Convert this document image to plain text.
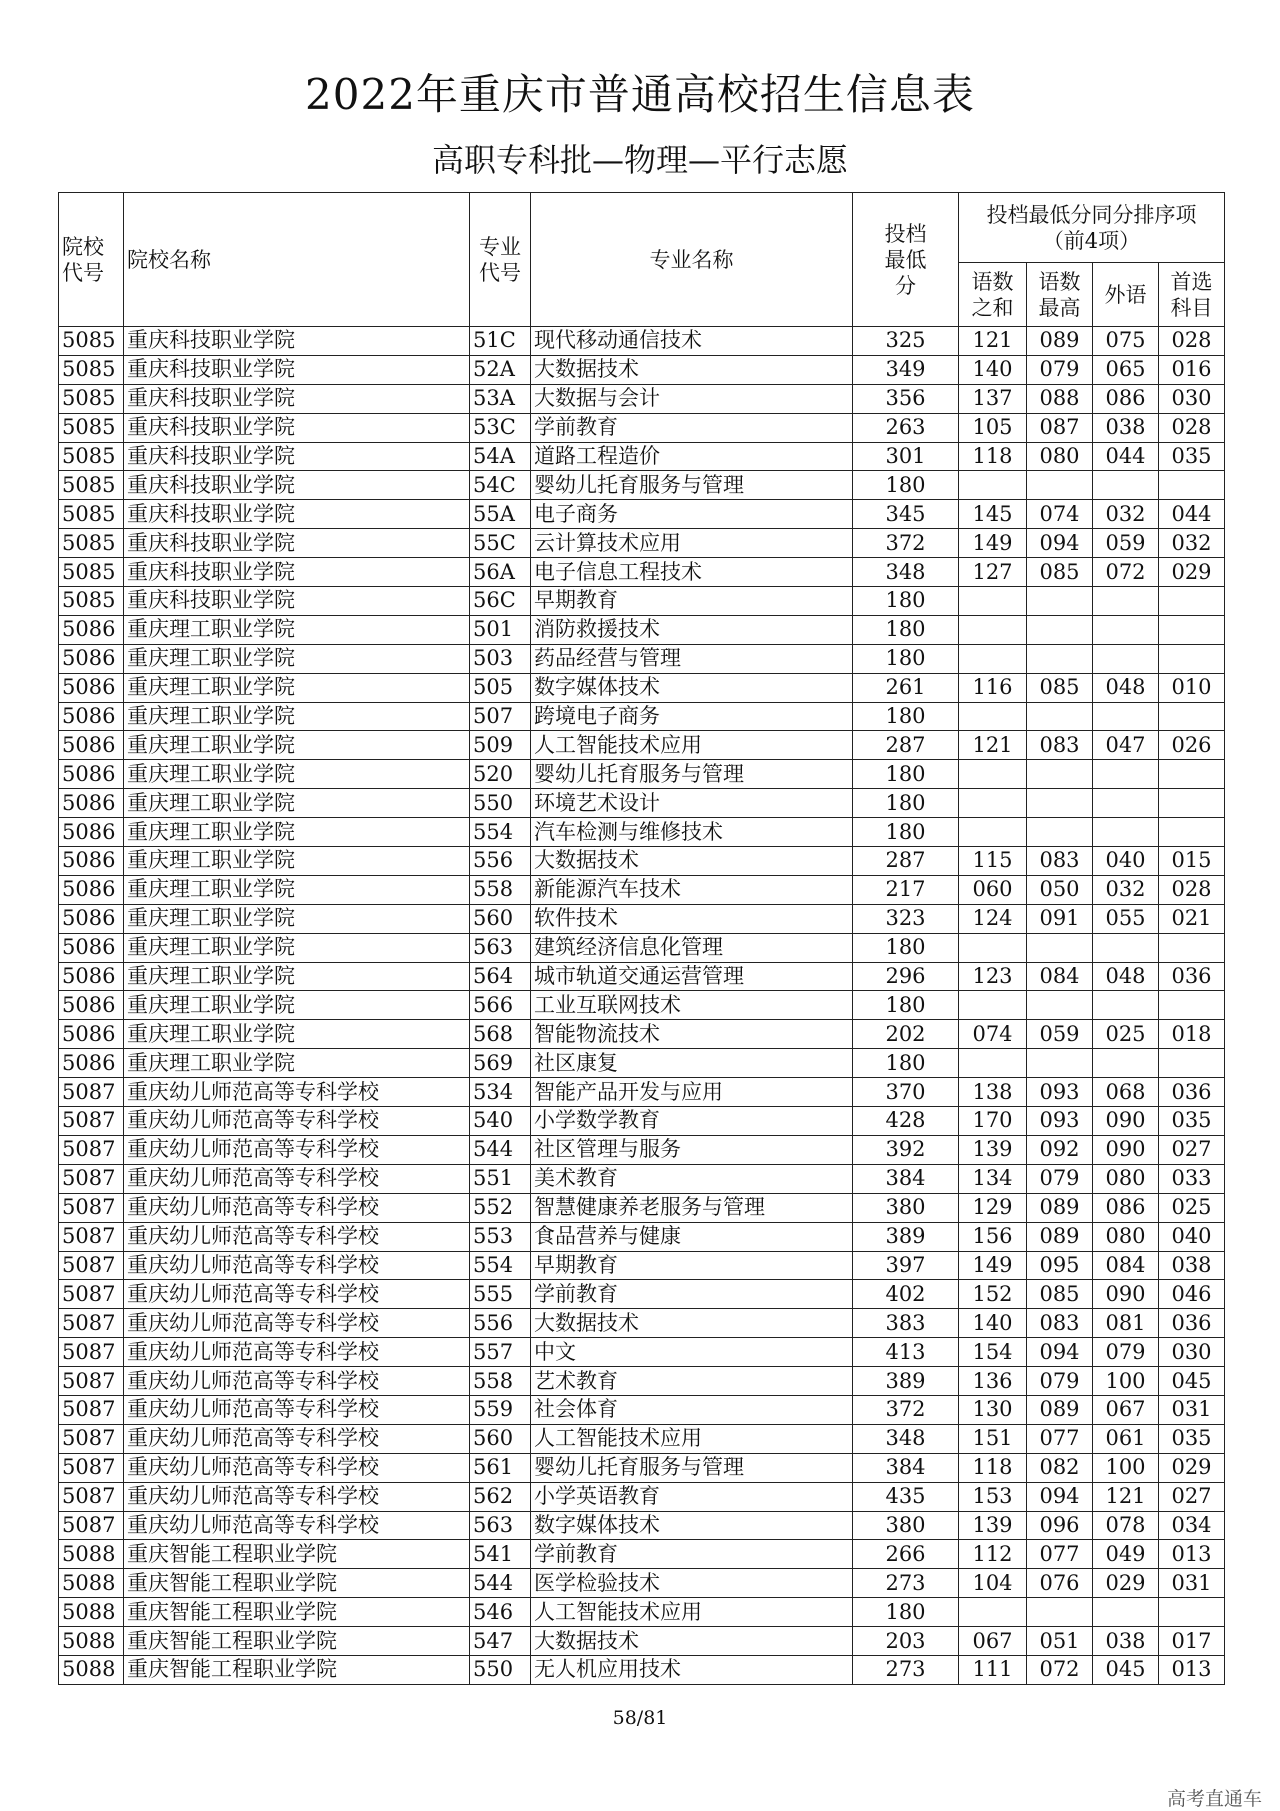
2022年重庆市普通高校招生信息表
高职专科批—物理—平行志愿
院校代号	院校名称	专业代号	专业名称	投档最低分	投档最低分同分排序项（前4项）			
					语数之和	语数最高	外语	首选科目
5085	重庆科技职业学院	51C	现代移动通信技术	325	121	089	075	028
5085	重庆科技职业学院	52A	大数据技术	349	140	079	065	016
5085	重庆科技职业学院	53A	大数据与会计	356	137	088	086	030
5085	重庆科技职业学院	53C	学前教育	263	105	087	038	028
5085	重庆科技职业学院	54A	道路工程造价	301	118	080	044	035
5085	重庆科技职业学院	54C	婴幼儿托育服务与管理	180				
5085	重庆科技职业学院	55A	电子商务	345	145	074	032	044
5085	重庆科技职业学院	55C	云计算技术应用	372	149	094	059	032
5085	重庆科技职业学院	56A	电子信息工程技术	348	127	085	072	029
5085	重庆科技职业学院	56C	早期教育	180				
5086	重庆理工职业学院	501	消防救援技术	180				
5086	重庆理工职业学院	503	药品经营与管理	180				
5086	重庆理工职业学院	505	数字媒体技术	261	116	085	048	010
5086	重庆理工职业学院	507	跨境电子商务	180				
5086	重庆理工职业学院	509	人工智能技术应用	287	121	083	047	026
5086	重庆理工职业学院	520	婴幼儿托育服务与管理	180				
5086	重庆理工职业学院	550	环境艺术设计	180				
5086	重庆理工职业学院	554	汽车检测与维修技术	180				
5086	重庆理工职业学院	556	大数据技术	287	115	083	040	015
5086	重庆理工职业学院	558	新能源汽车技术	217	060	050	032	028
5086	重庆理工职业学院	560	软件技术	323	124	091	055	021
5086	重庆理工职业学院	563	建筑经济信息化管理	180				
5086	重庆理工职业学院	564	城市轨道交通运营管理	296	123	084	048	036
5086	重庆理工职业学院	566	工业互联网技术	180				
5086	重庆理工职业学院	568	智能物流技术	202	074	059	025	018
5086	重庆理工职业学院	569	社区康复	180				
5087	重庆幼儿师范高等专科学校	534	智能产品开发与应用	370	138	093	068	036
5087	重庆幼儿师范高等专科学校	540	小学数学教育	428	170	093	090	035
5087	重庆幼儿师范高等专科学校	544	社区管理与服务	392	139	092	090	027
5087	重庆幼儿师范高等专科学校	551	美术教育	384	134	079	080	033
5087	重庆幼儿师范高等专科学校	552	智慧健康养老服务与管理	380	129	089	086	025
5087	重庆幼儿师范高等专科学校	553	食品营养与健康	389	156	089	080	040
5087	重庆幼儿师范高等专科学校	554	早期教育	397	149	095	084	038
5087	重庆幼儿师范高等专科学校	555	学前教育	402	152	085	090	046
5087	重庆幼儿师范高等专科学校	556	大数据技术	383	140	083	081	036
5087	重庆幼儿师范高等专科学校	557	中文	413	154	094	079	030
5087	重庆幼儿师范高等专科学校	558	艺术教育	389	136	079	100	045
5087	重庆幼儿师范高等专科学校	559	社会体育	372	130	089	067	031
5087	重庆幼儿师范高等专科学校	560	人工智能技术应用	348	151	077	061	035
5087	重庆幼儿师范高等专科学校	561	婴幼儿托育服务与管理	384	118	082	100	029
5087	重庆幼儿师范高等专科学校	562	小学英语教育	435	153	094	121	027
5087	重庆幼儿师范高等专科学校	563	数字媒体技术	380	139	096	078	034
5088	重庆智能工程职业学院	541	学前教育	266	112	077	049	013
5088	重庆智能工程职业学院	544	医学检验技术	273	104	076	029	031
5088	重庆智能工程职业学院	546	人工智能技术应用	180				
5088	重庆智能工程职业学院	547	大数据技术	203	067	051	038	017
5088	重庆智能工程职业学院	550	无人机应用技术	273	111	072	045	013
58/81
高考直通车
